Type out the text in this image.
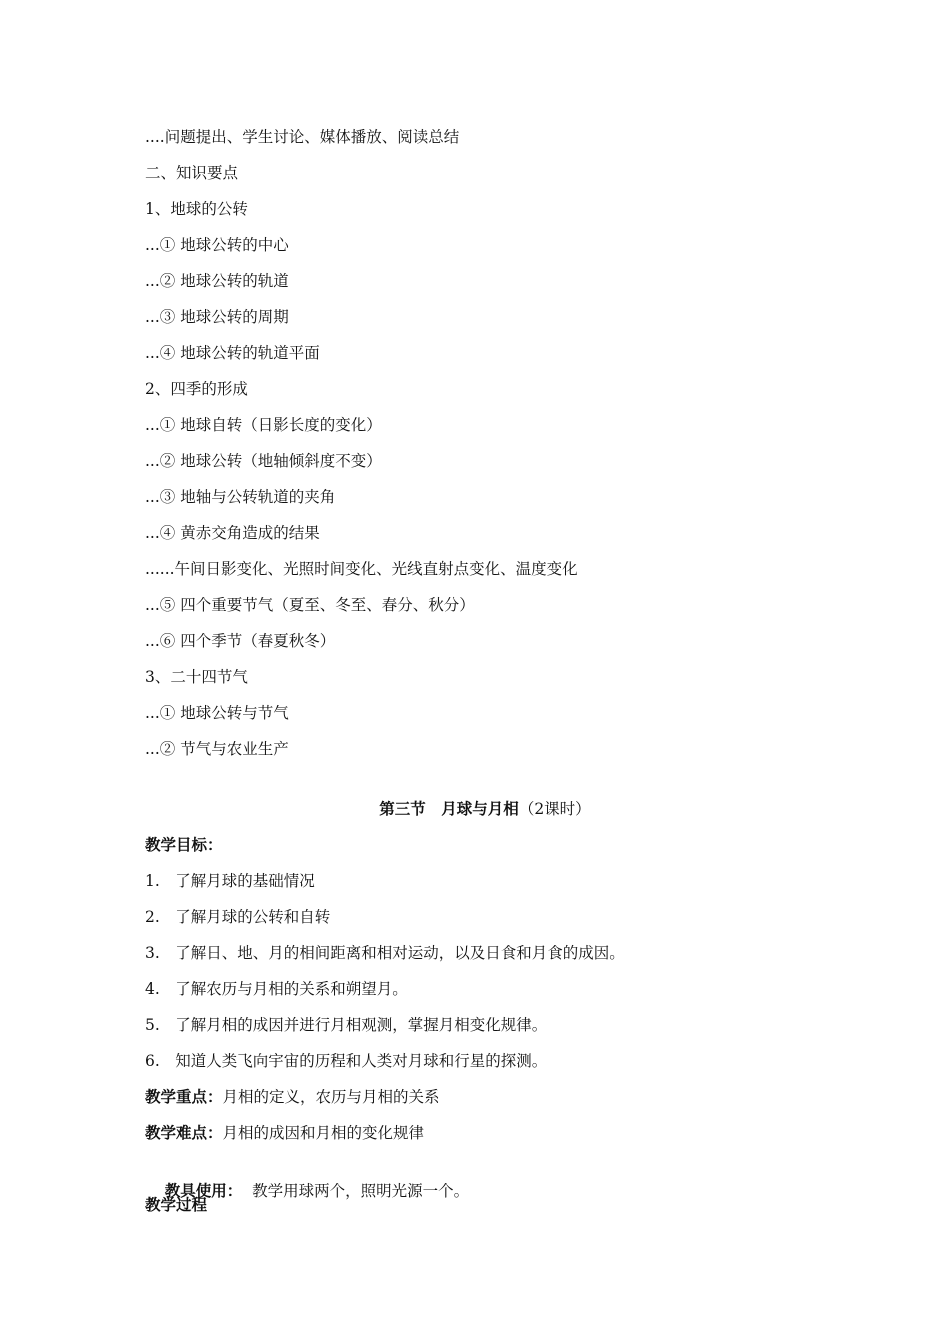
....问题提出、学生讨论、媒体播放、阅读总结
二、知识要点
1、地球的公转
...① 地球公转的中心
...② 地球公转的轨道
...③ 地球公转的周期
...④ 地球公转的轨道平面
2、四季的形成
...① 地球自转（日影长度的变化）
...② 地球公转（地轴倾斜度不变）
...③ 地轴与公转轨道的夹角
...④ 黄赤交角造成的结果
......午间日影变化、光照时间变化、光线直射点变化、温度变化
...⑤ 四个重要节气（夏至、冬至、春分、秋分）
...⑥ 四个季节（春夏秋冬）
3、二十四节气
...① 地球公转与节气
...② 节气与农业生产
第三节　月球与月相（2课时）
教学目标：
1.　了解月球的基础情况
2.　了解月球的公转和自转
3.　了解日、地、月的相间距离和相对运动，以及日食和月食的成因。
4.　了解农历与月相的关系和朔望月。
5.　了解月相的成因并进行月相观测，掌握月相变化规律。
6.　知道人类飞向宇宙的历程和人类对月球和行星的探测。
教学重点：月相的定义，农历与月相的关系
教学难点：月相的成因和月相的变化规律

教具使用：  教学用球两个，照明光源一个。

教学过程
